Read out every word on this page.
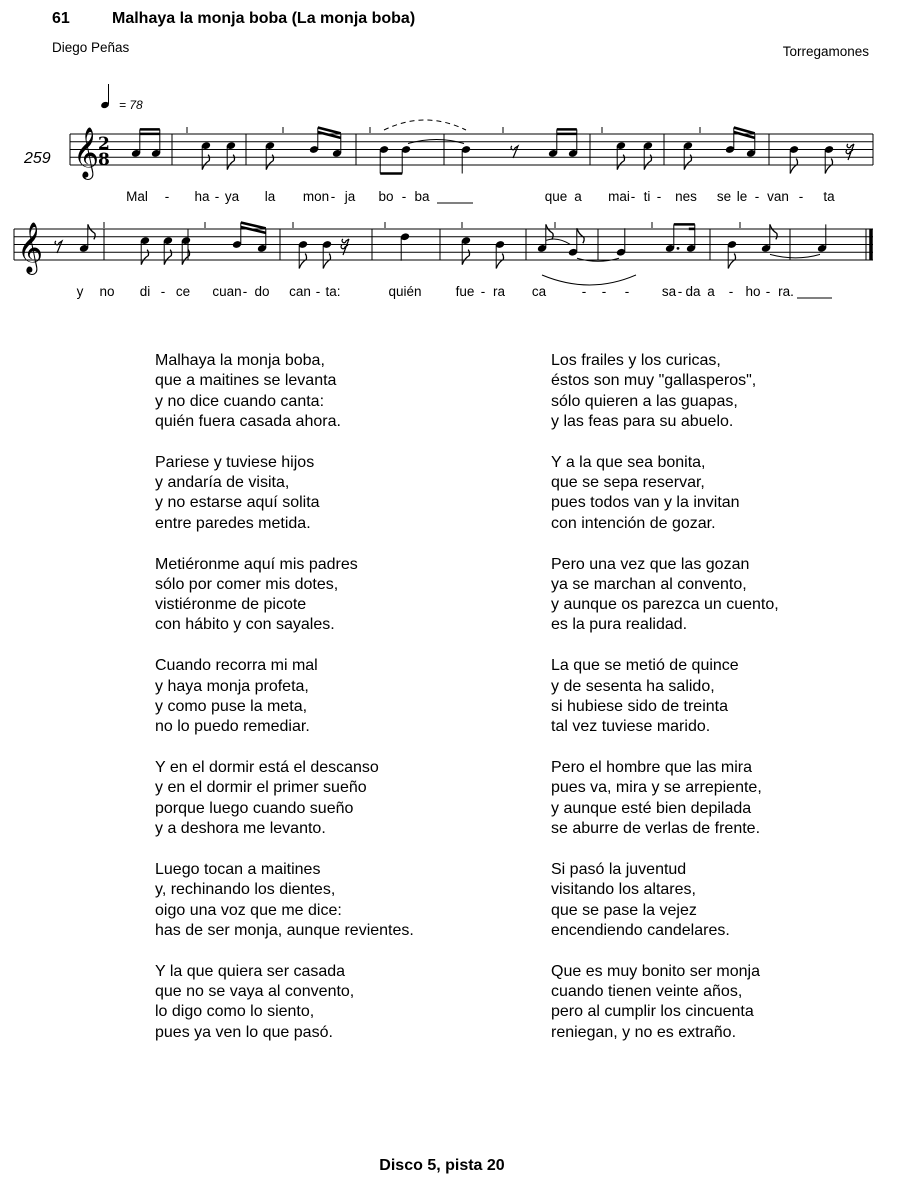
61	Malhaya la monja boba (La monja boba)
Diego Peñas	Torregamones
= 78
259 𝄞
𝄞
2
8
Mal - ha - ya la mon - ja bo - ba	que a mai - ti - nes se le - van - ta
y no di - ce cuan - do can - ta:	quién	fue - ra ca	- - - sa - da a - ho - ra.
Malhaya la monja boba,
que a maitines se levanta
y no dice cuando canta:
quién fuera casada ahora.
Pariese y tuviese hijos
y andaría de visita,
y no estarse aquí solita
entre paredes metida.
Metiéronme aquí mis padres
sólo por comer mis dotes,
vistiéronme de picote
con hábito y con sayales.
Cuando recorra mi mal
y haya monja profeta,
y como puse la meta,
no lo puedo remediar.
Y en el dormir está el descanso
y en el dormir el primer sueño
porque luego cuando sueño
y a deshora me levanto.
Luego tocan a maitines
y, rechinando los dientes,
oigo una voz que me dice:
has de ser monja, aunque revientes.
Y la que quiera ser casada
que no se vaya al convento,
lo digo como lo siento,
pues ya ven lo que pasó.
Los frailes y los curicas,
éstos son muy "gallasperos",
sólo quieren a las guapas,
y las feas para su abuelo.
Y a la que sea bonita,
que se sepa reservar,
pues todos van y la invitan
con intención de gozar.
Pero una vez que las gozan
ya se marchan al convento,
y aunque os parezca un cuento,
es la pura realidad.
La que se metió de quince
y de sesenta ha salido,
si hubiese sido de treinta
tal vez tuviese marido.
Pero el hombre que las mira
pues va, mira y se arrepiente,
y aunque esté bien depilada
se aburre de verlas de frente.
Si pasó la juventud
visitando los altares,
que se pase la vejez
encendiendo candelares.
Que es muy bonito ser monja
cuando tienen veinte años,
pero al cumplir los cincuenta
reniegan, y no es extraño.
Disco 5, pista 20
